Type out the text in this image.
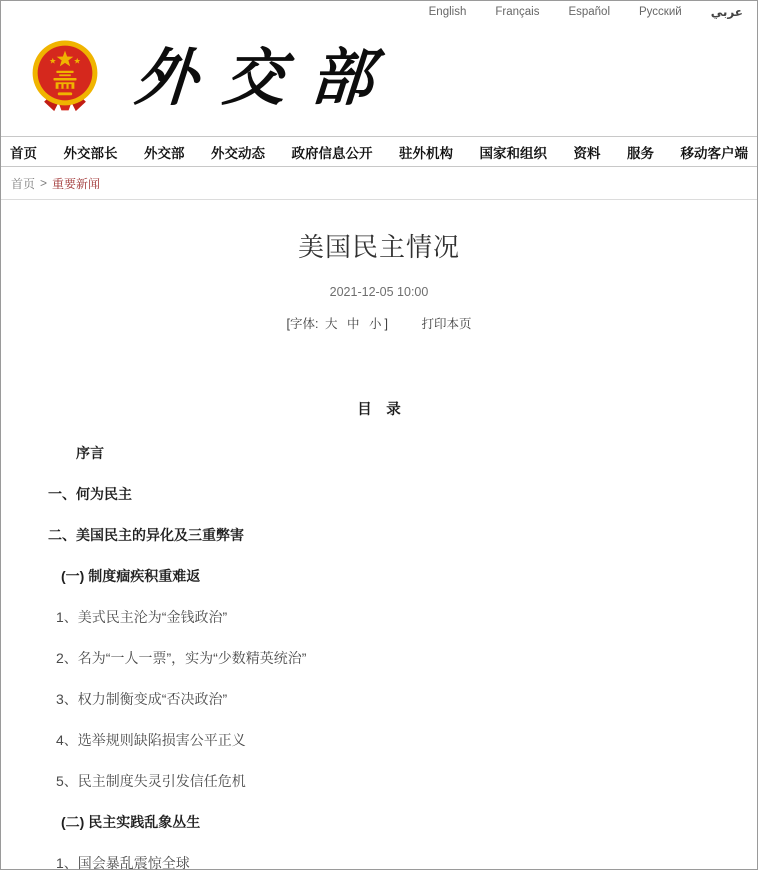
English	Français	Español	Русский عربي
外交部
首页 外交部长 外交部 外交动态 政府信息公开 驻外机构 国家和组织 资料 服务 移动客户端
首页 > 重要新闻
美国民主情况
2021-12-05 10:00
[字体: 大 中 小 ]	打印本页
目　录
序言
一、何为民主
二、美国民主的异化及三重弊害
(一) 制度痼疾积重难返
1、美式民主沦为“金钱政治”
2、名为“一人一票”，实为“少数精英统治”
3、权力制衡变成“否决政治”
4、选举规则缺陷损害公平正义
5、民主制度失灵引发信任危机
(二) 民主实践乱象丛生
1、国会暴乱震惊全球
